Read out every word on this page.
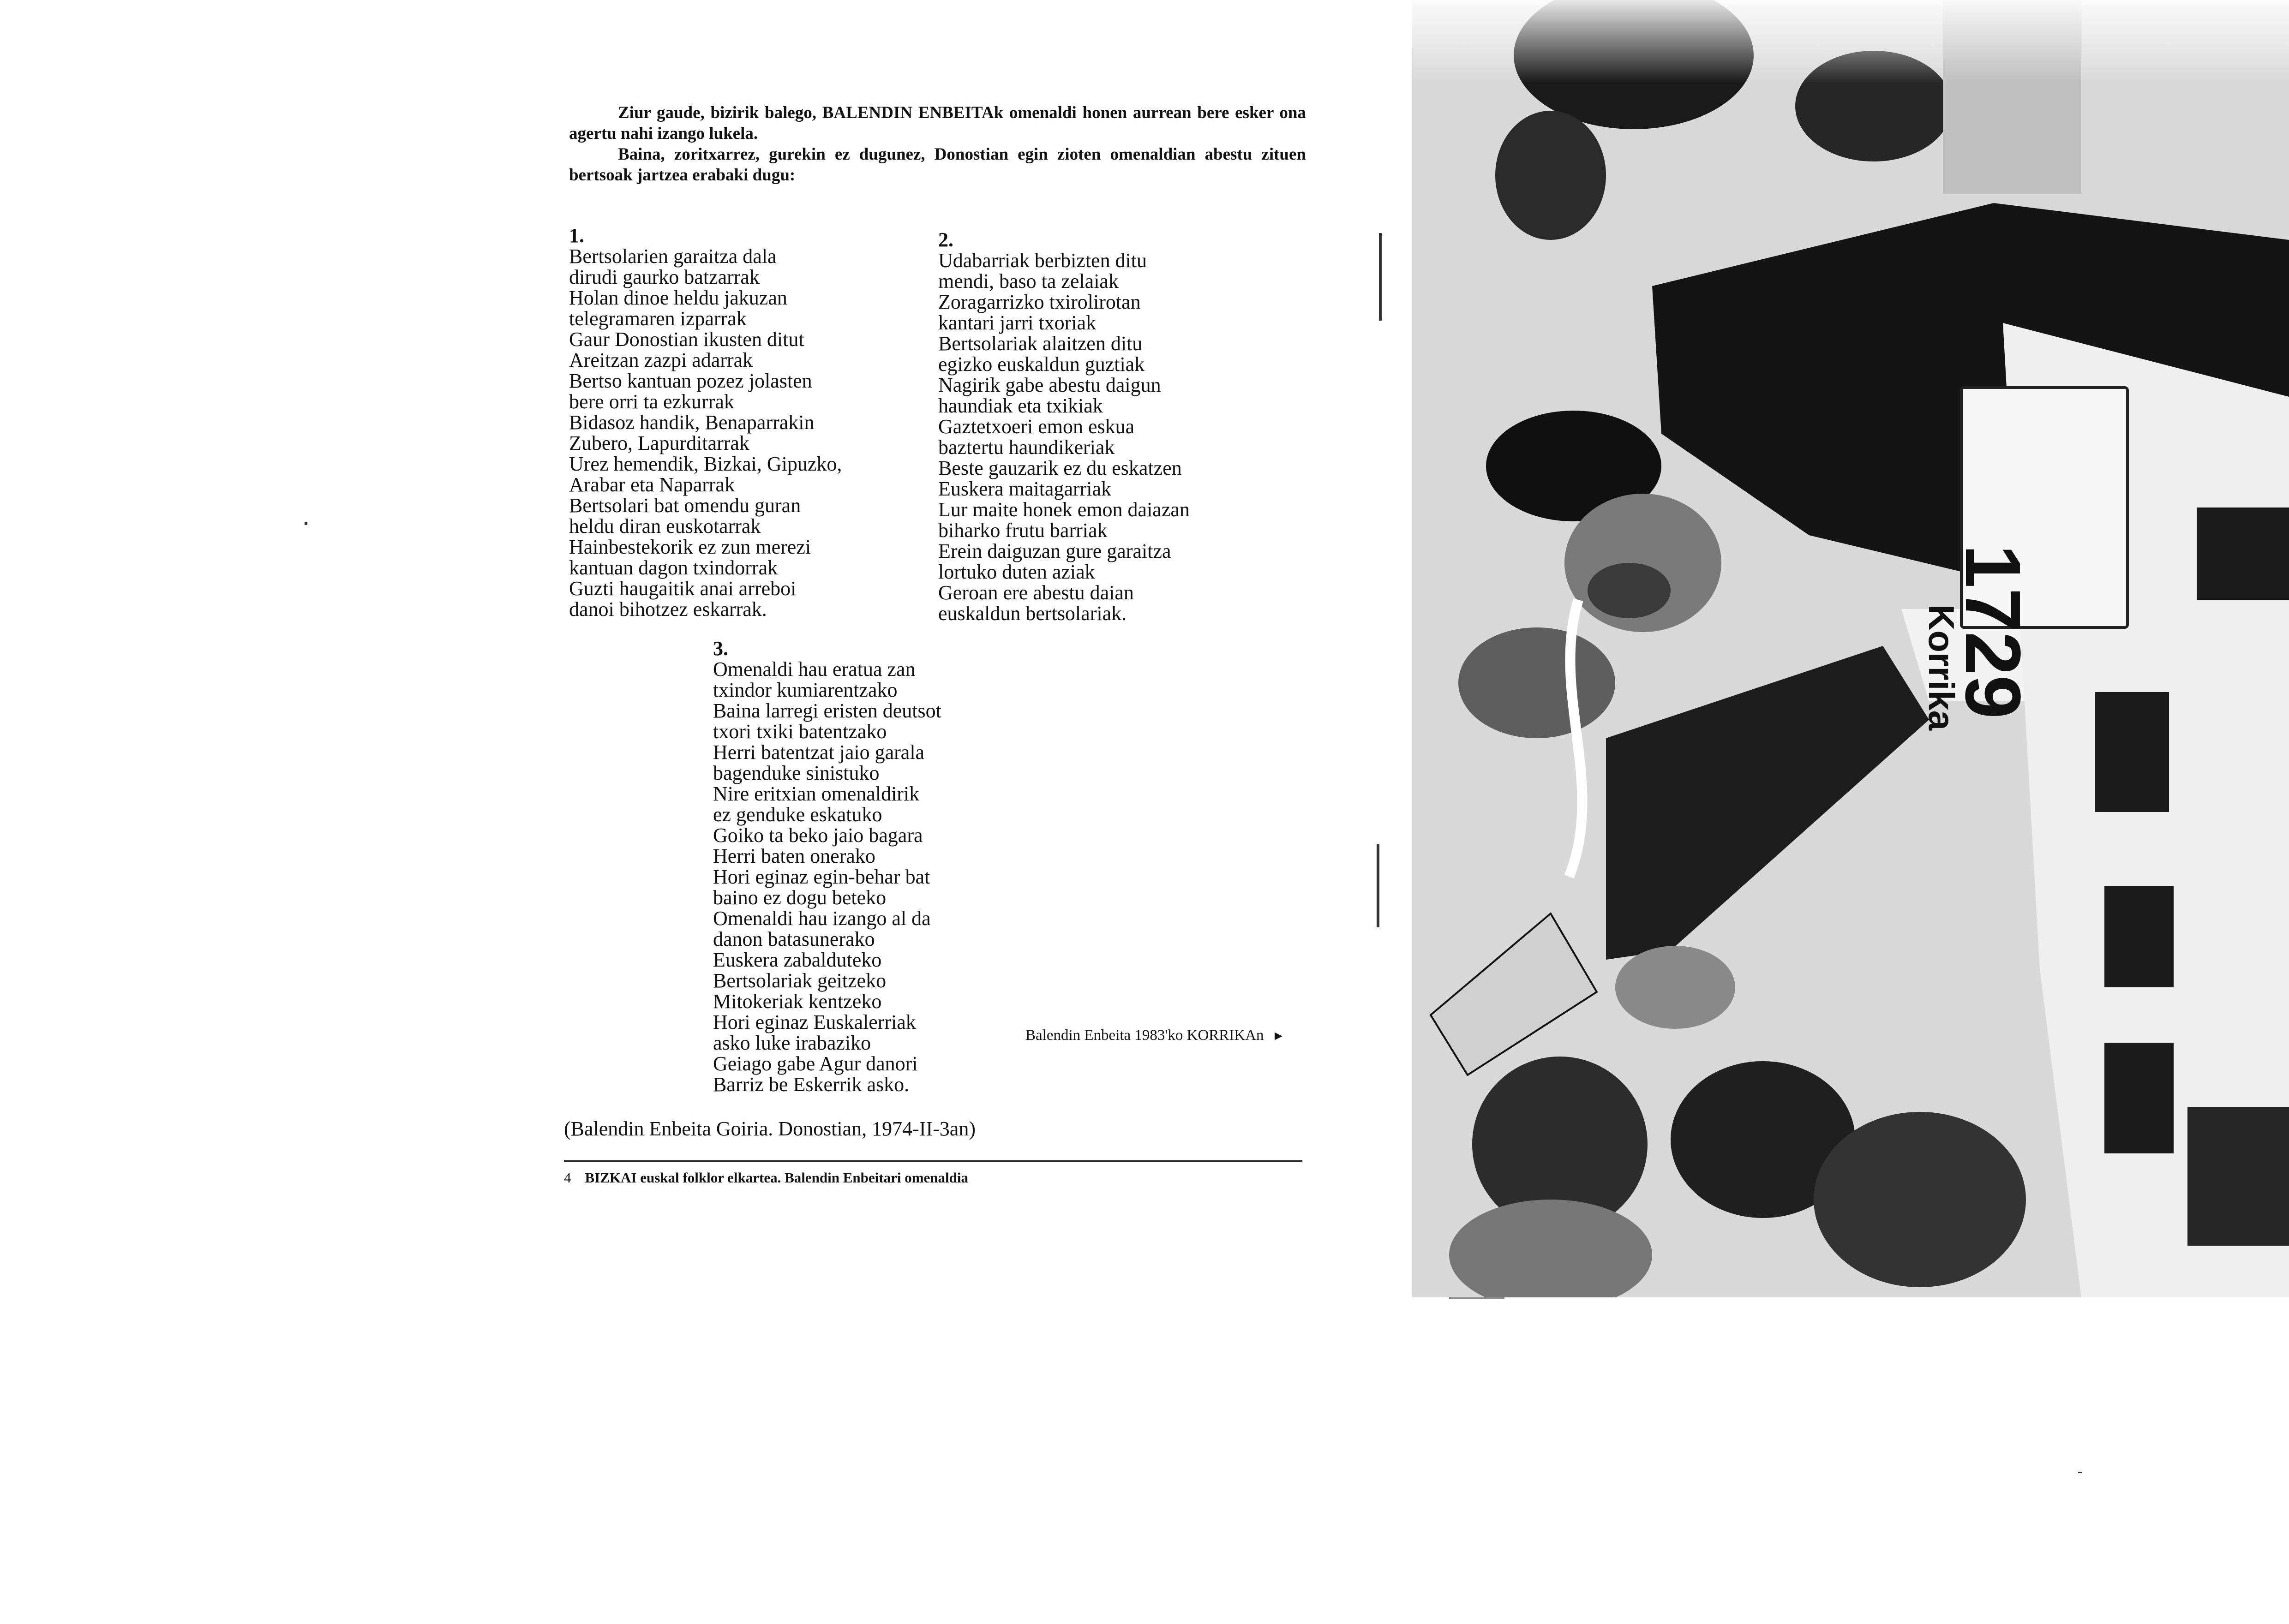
Ziur gaude, bizirik balego, BALENDIN ENBEITAk omenaldi honen aurrean bere esker ona agertu nahi izango lukela.

Baina, zoritxarrez, gurekin ez dugunez, Donostian egin zioten omenaldian abestu zituen bertsoak jartzea erabaki dugu:

1.
Bertsolarien garaitza dala
dirudi gaurko batzarrak
Holan dinoe heldu jakuzan
telegramaren izparrak
Gaur Donostian ikusten ditut
Areitzan zazpi adarrak
Bertso kantuan pozez jolasten
bere orri ta ezkurrak
Bidasoz handik, Benaparrakin
Zubero, Lapurditarrak
Urez hemendik, Bizkai, Gipuzko,
Arabar eta Naparrak
Bertsolari bat omendu guran
heldu diran euskotarrak
Hainbestekorik ez zun merezi
kantuan dagon txindorrak
Guzti haugaitik anai arreboi
danoi bihotzez eskarrak.
2.
Udabarriak berbizten ditu
mendi, baso ta zelaiak
Zoragarrizko txirolirotan
kantari jarri txoriak
Bertsolariak alaitzen ditu
egizko euskaldun guztiak
Nagirik gabe abestu daigun
haundiak eta txikiak
Gaztetxoeri emon eskua
baztertu haundikeriak
Beste gauzarik ez du eskatzen
Euskera maitagarriak
Lur maite honek emon daiazan
biharko frutu barriak
Erein daiguzan gure garaitza
lortuko duten aziak
Geroan ere abestu daian
euskaldun bertsolariak.
3.
Omenaldi hau eratua zan
txindor kumiarentzako
Baina larregi eristen deutsot
txori txiki batentzako
Herri batentzat jaio garala
bagenduke sinistuko
Nire eritxian omenaldirik
ez genduke eskatuko
Goiko ta beko jaio bagara
Herri baten onerako
Hori eginaz egin-behar bat
baino ez dogu beteko
Omenaldi hau izango al da
danon batasunerako
Euskera zabalduteko
Bertsolariak geitzeko
Mitokeriak kentzeko
Hori eginaz Euskalerriak
asko luke irabaziko
Geiago gabe Agur danori
Barriz be Eskerrik asko.
Balendin Enbeita 1983'ko KORRIKAn ►
(Balendin Enbeita Goiria. Donostian, 1974-II-3an)
4 BIZKAI euskal folklor elkartea. Balendin Enbeitari omenaldia
Korrika
1729
